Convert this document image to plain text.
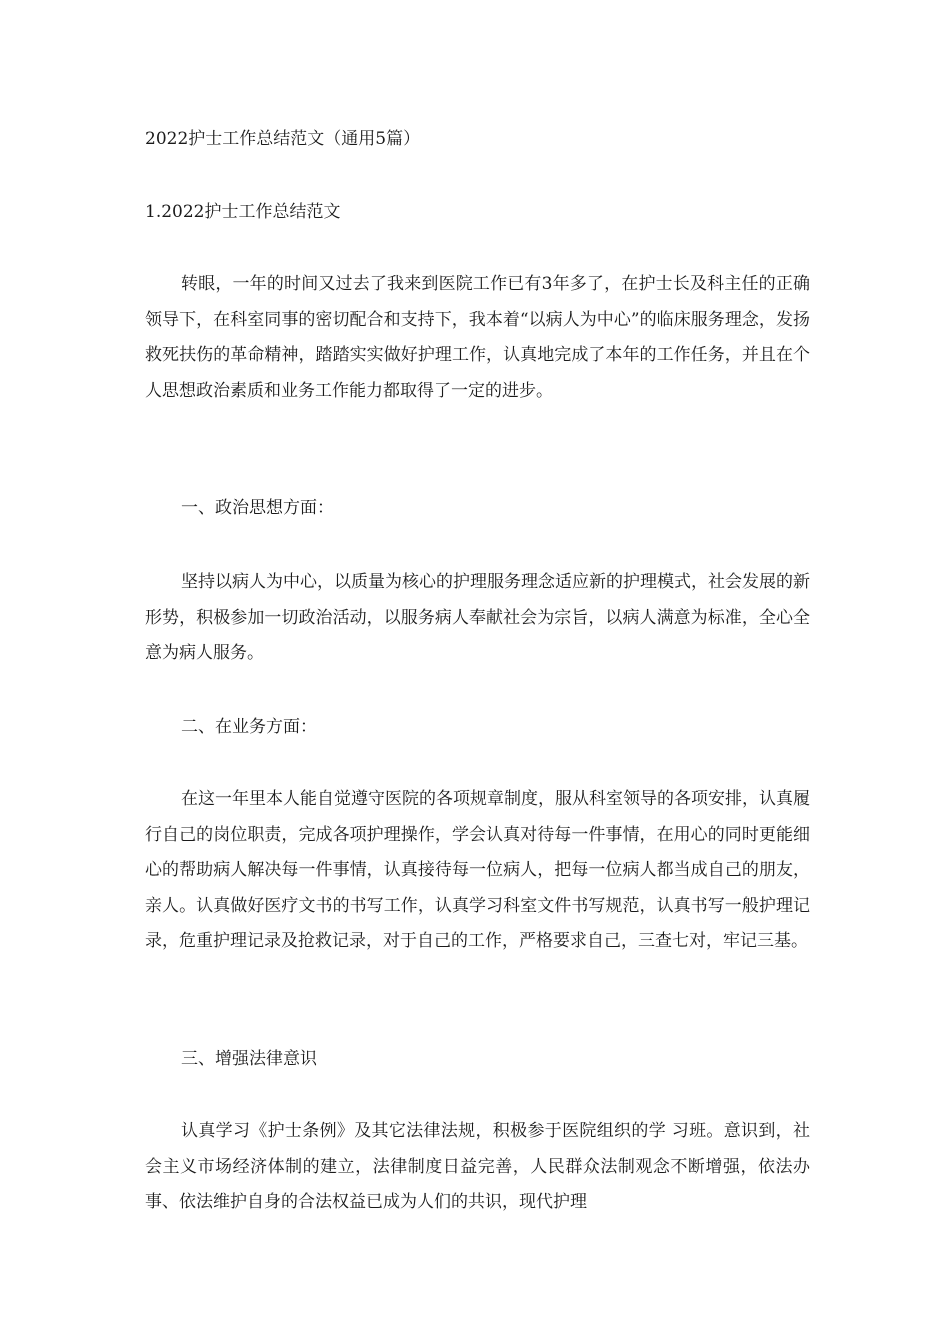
2022护士工作总结范文（通用5篇）
1.2022护士工作总结范文

转眼，一年的时间又过去了我来到医院工作已有3年多了，在护士长及科主任的正确领导下，在科室同事的密切配合和支持下，我本着“以病人为中心”的临床服务理念，发扬救死扶伤的革命精神，踏踏实实做好护理工作，认真地完成了本年的工作任务，并且在个人思想政治素质和业务工作能力都取得了一定的进步。

一、政治思想方面：

坚持以病人为中心，以质量为核心的护理服务理念适应新的护理模式，社会发展的新形势，积极参加一切政治活动，以服务病人奉献社会为宗旨，以病人满意为标准，全心全意为病人服务。

二、在业务方面：

在这一年里本人能自觉遵守医院的各项规章制度，服从科室领导的各项安排，认真履行自己的岗位职责，完成各项护理操作，学会认真对待每一件事情，在用心的同时更能细心的帮助病人解决每一件事情，认真接待每一位病人，把每一位病人都当成自己的朋友，亲人。认真做好医疗文书的书写工作，认真学习科室文件书写规范，认真书写一般护理记录，危重护理记录及抢救记录，对于自己的工作，严格要求自己，三查七对，牢记三基。

三、增强法律意识

认真学习《护士条例》及其它法律法规，积极参于医院组织的学 习班。意识到，社会主义市场经济体制的建立，法律制度日益完善，人民群众法制观念不断增强，依法办事、依法维护自身的合法权益已成为人们的共识，现代护理
